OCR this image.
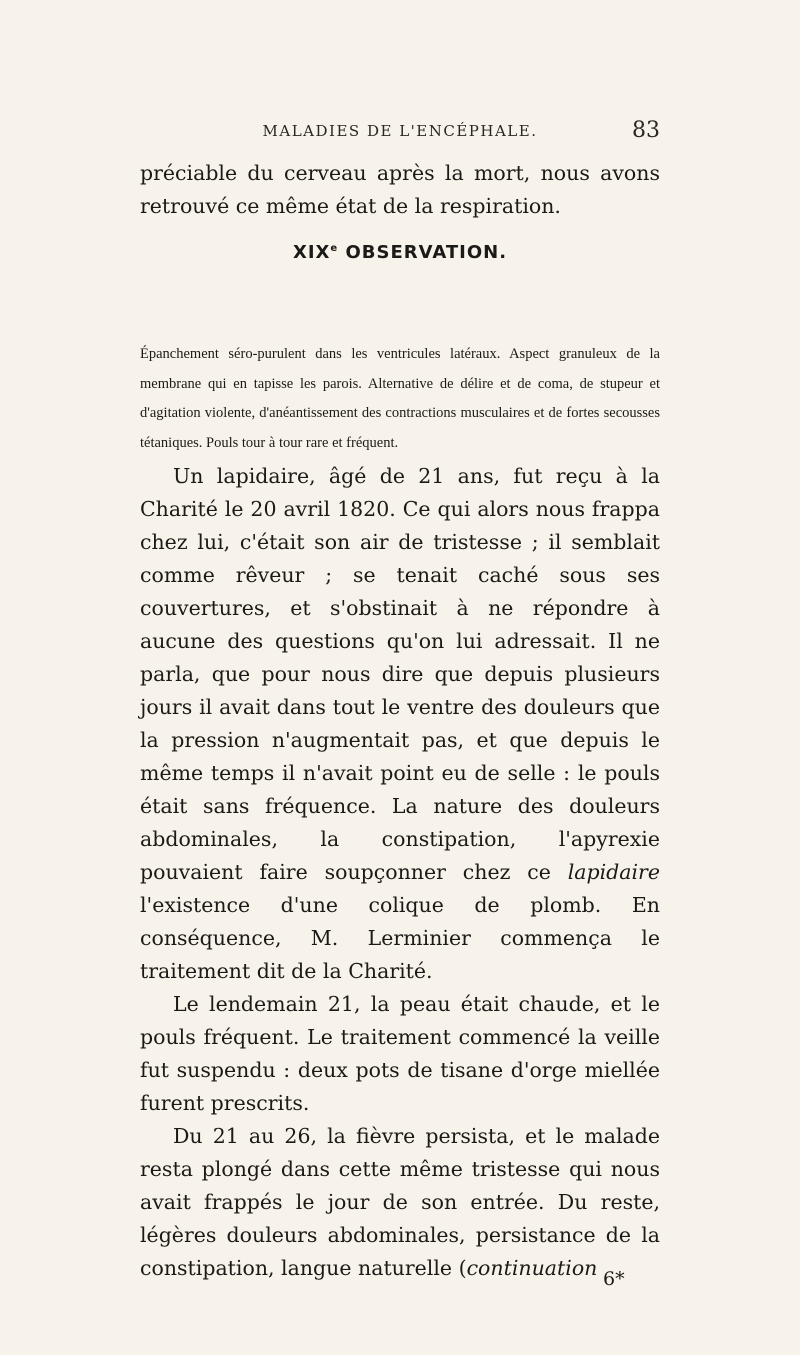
MALADIES DE L'ENCÉPHALE.	83

préciable du cerveau après la mort, nous avons retrouvé ce même état de la respiration.

XIXe OBSERVATION.

Épanchement séro-purulent dans les ventricules latéraux. Aspect granuleux de la membrane qui en tapisse les parois. Alternative de délire et de coma, de stupeur et d'agitation violente, d'anéantissement des contractions musculaires et de fortes secousses tétaniques. Pouls tour à tour rare et fréquent.

Un lapidaire, âgé de 21 ans, fut reçu à la Charité le 20 avril 1820. Ce qui alors nous frappa chez lui, c'était son air de tristesse ; il semblait comme rêveur ; se tenait caché sous ses couvertures, et s'obstinait à ne répondre à aucune des questions qu'on lui adressait. Il ne parla, que pour nous dire que depuis plusieurs jours il avait dans tout le ventre des douleurs que la pression n'augmentait pas, et que depuis le même temps il n'avait point eu de selle : le pouls était sans fréquence. La nature des douleurs abdominales, la constipation, l'apyrexie pouvaient faire soupçonner chez ce lapidaire l'existence d'une colique de plomb. En conséquence, M. Lerminier commença le traitement dit de la Charité.

Le lendemain 21, la peau était chaude, et le pouls fréquent. Le traitement commencé la veille fut suspendu : deux pots de tisane d'orge miellée furent prescrits.

Du 21 au 26, la fièvre persista, et le malade resta plongé dans cette même tristesse qui nous avait frappés le jour de son entrée. Du reste, légères douleurs abdominales, persistance de la constipation, langue naturelle (continuation 6*
